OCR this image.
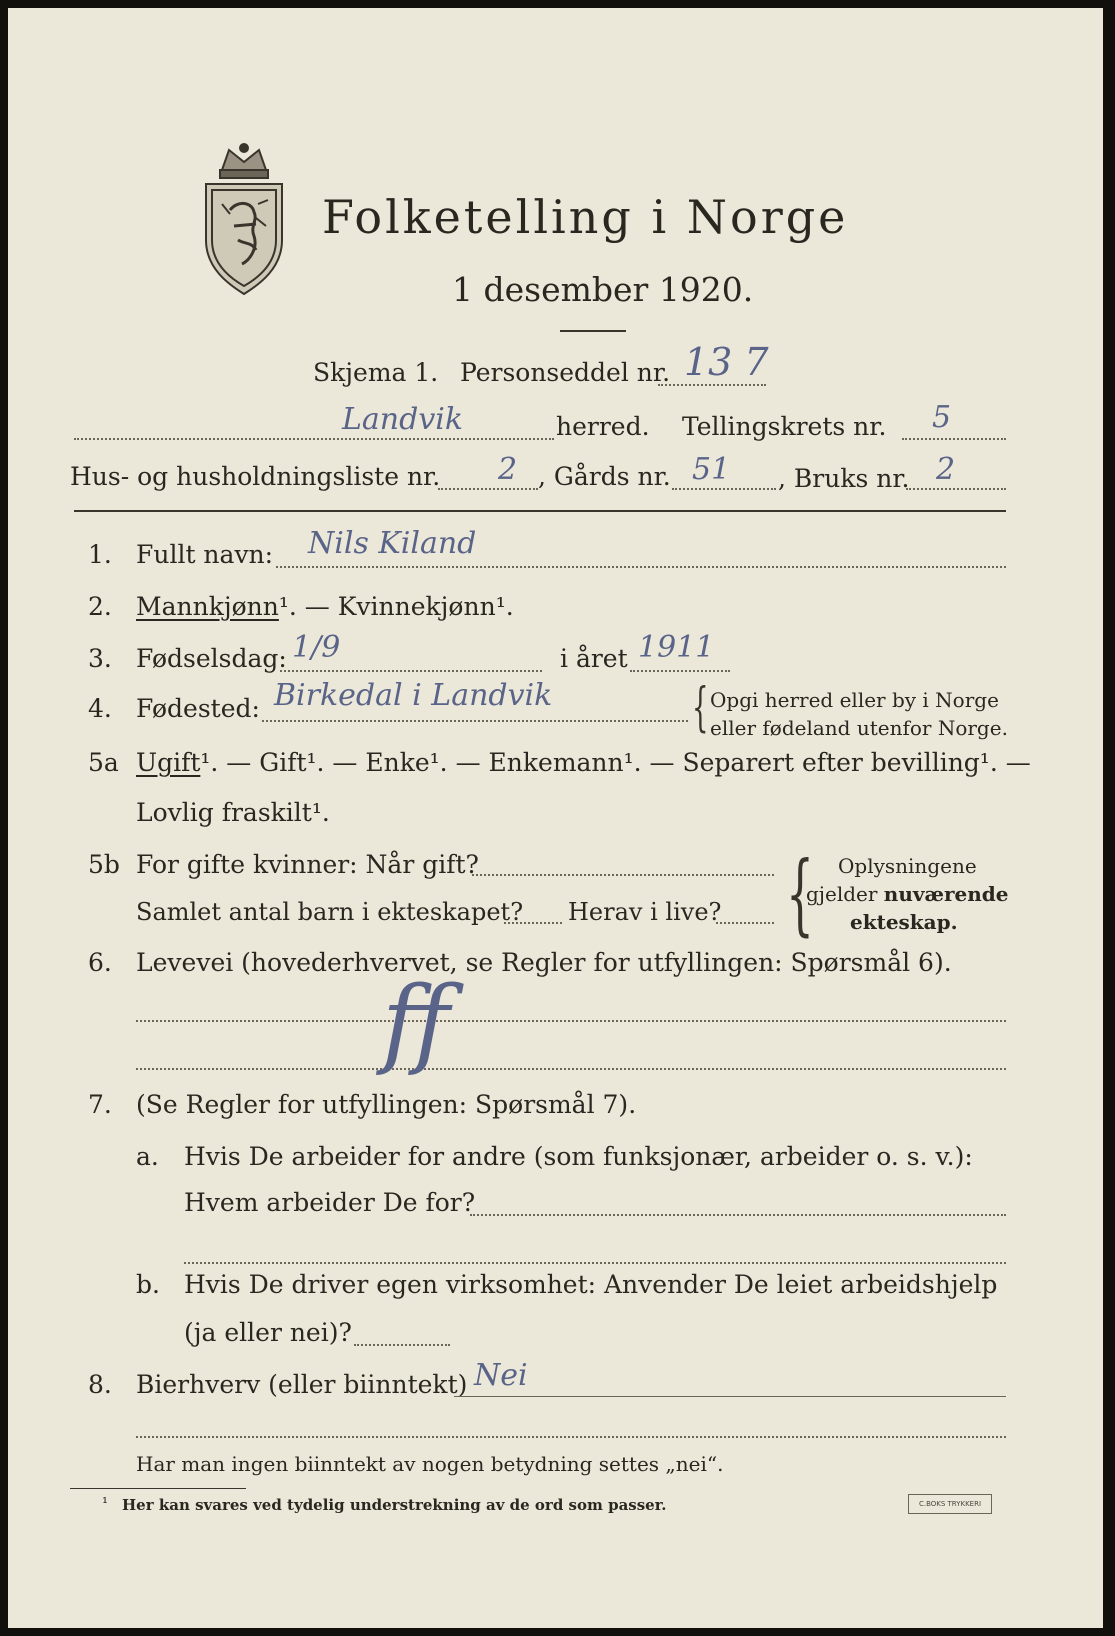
Folketelling i Norge
1 desember 1920.
Skjema 1. Personseddel nr. 13 7
Landvik	herred. Tellingskrets nr. 5
Hus- og husholdningsliste nr. 2 , Gårds nr. 51 , Bruks nr. 2
1. Fullt navn: Nils Kiland
2. Mannkjønn¹. — Kvinnekjønn¹.
3. Fødselsdag: 1/9	i året 1911
4. Fødested: Birkedal i Landvik	{ Opgi herred eller by i Norge
eller fødeland utenfor Norge.
5a Ugift¹. — Gift¹. — Enke¹. — Enkemann¹. — Separert efter bevilling¹. —
Lovlig fraskilt¹.
5b For gifte kvinner: Når gift?
Samlet antal barn i ekteskapet? Herav i live? { Oplysningene
gjelder nuværende
ekteskap.
6. Levevei (hovederhvervet, se Regler for utfyllingen: Spørsmål 6).
ff
7. (Se Regler for utfyllingen: Spørsmål 7).
a. Hvis De arbeider for andre (som funksjonær, arbeider o. s. v.):
Hvem arbeider De for?
b. Hvis De driver egen virksomhet: Anvender De leiet arbeidshjelp
(ja eller nei)?
8. Bierhverv (eller biinntekt) Nei
Har man ingen biinntekt av nogen betydning settes „nei“.
¹ Her kan svares ved tydelig understrekning av de ord som passer.	C.BOKS TRYKKERI
